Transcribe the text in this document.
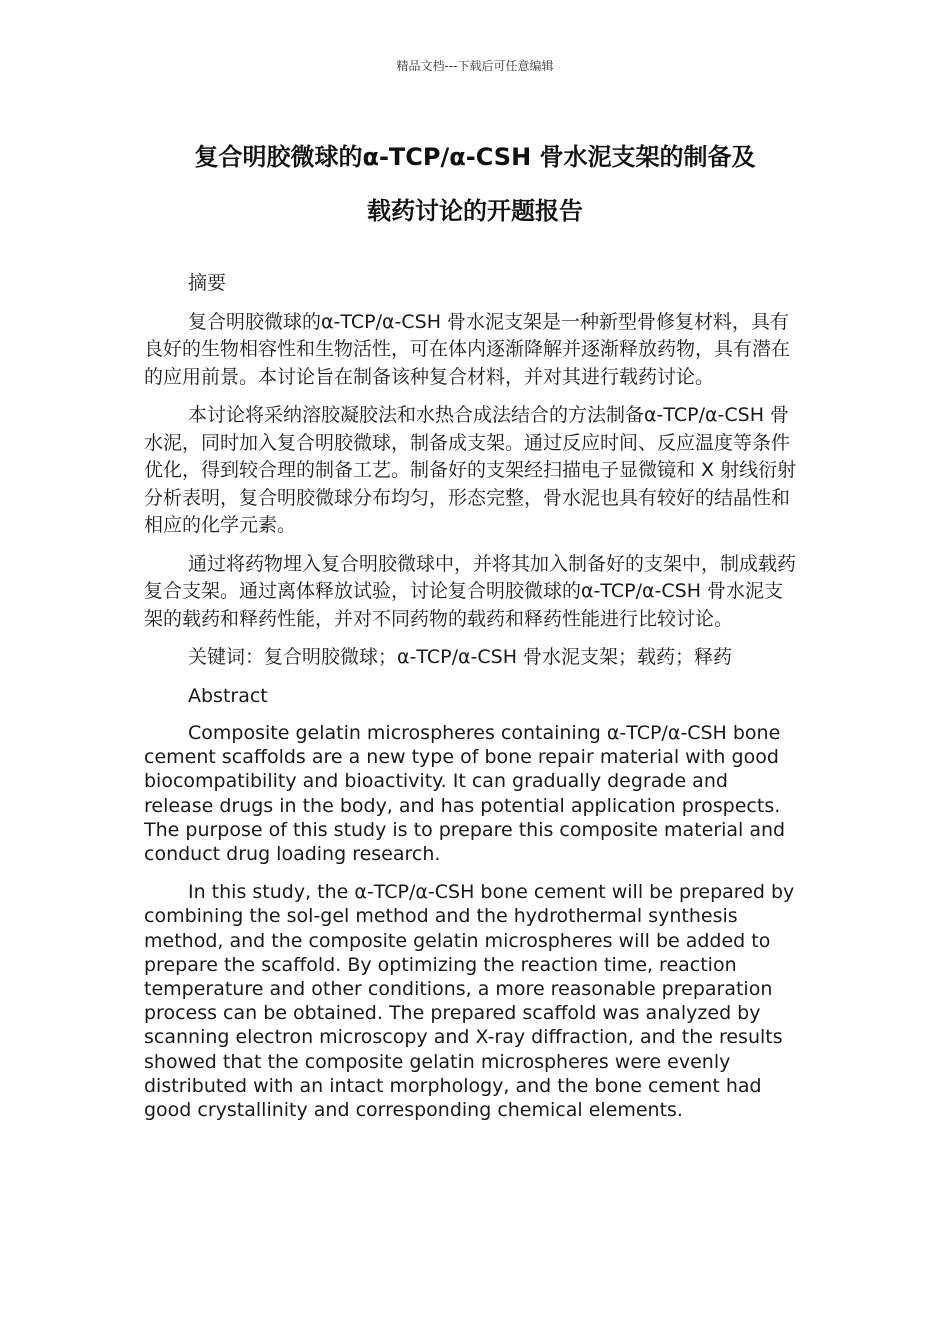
精品文档---下载后可任意编辑
复合明胶微球的α-TCP/α-CSH 骨水泥支架的制备及
载药讨论的开题报告
摘要

复合明胶微球的α-TCP/α-CSH 骨水泥支架是一种新型骨修复材料，具有良好的生物相容性和生物活性，可在体内逐渐降解并逐渐释放药物，具有潜在的应用前景。本讨论旨在制备该种复合材料，并对其进行载药讨论。

本讨论将采纳溶胶凝胶法和水热合成法结合的方法制备α-TCP/α-CSH 骨水泥，同时加入复合明胶微球，制备成支架。通过反应时间、反应温度等条件优化，得到较合理的制备工艺。制备好的支架经扫描电子显微镜和 X 射线衍射分析表明，复合明胶微球分布均匀，形态完整，骨水泥也具有较好的结晶性和相应的化学元素。

通过将药物埋入复合明胶微球中，并将其加入制备好的支架中，制成载药复合支架。通过离体释放试验，讨论复合明胶微球的α-TCP/α-CSH 骨水泥支架的载药和释药性能，并对不同药物的载药和释药性能进行比较讨论。

关键词：复合明胶微球；α-TCP/α-CSH 骨水泥支架；载药；释药
Abstract

Composite gelatin microspheres containing α-TCP/α-CSH bone cement scaffolds are a new type of bone repair material with good biocompatibility and bioactivity. It can gradually degrade and release drugs in the body, and has potential application prospects. The purpose of this study is to prepare this composite material and conduct drug loading research.

In this study, the α-TCP/α-CSH bone cement will be prepared by combining the sol-gel method and the hydrothermal synthesis method, and the composite gelatin microspheres will be added to prepare the scaffold. By optimizing the reaction time, reaction temperature and other conditions, a more reasonable preparation process can be obtained. The prepared scaffold was analyzed by scanning electron microscopy and X-ray diffraction, and the results showed that the composite gelatin microspheres were evenly distributed with an intact morphology, and the bone cement had good crystallinity and corresponding chemical elements.
